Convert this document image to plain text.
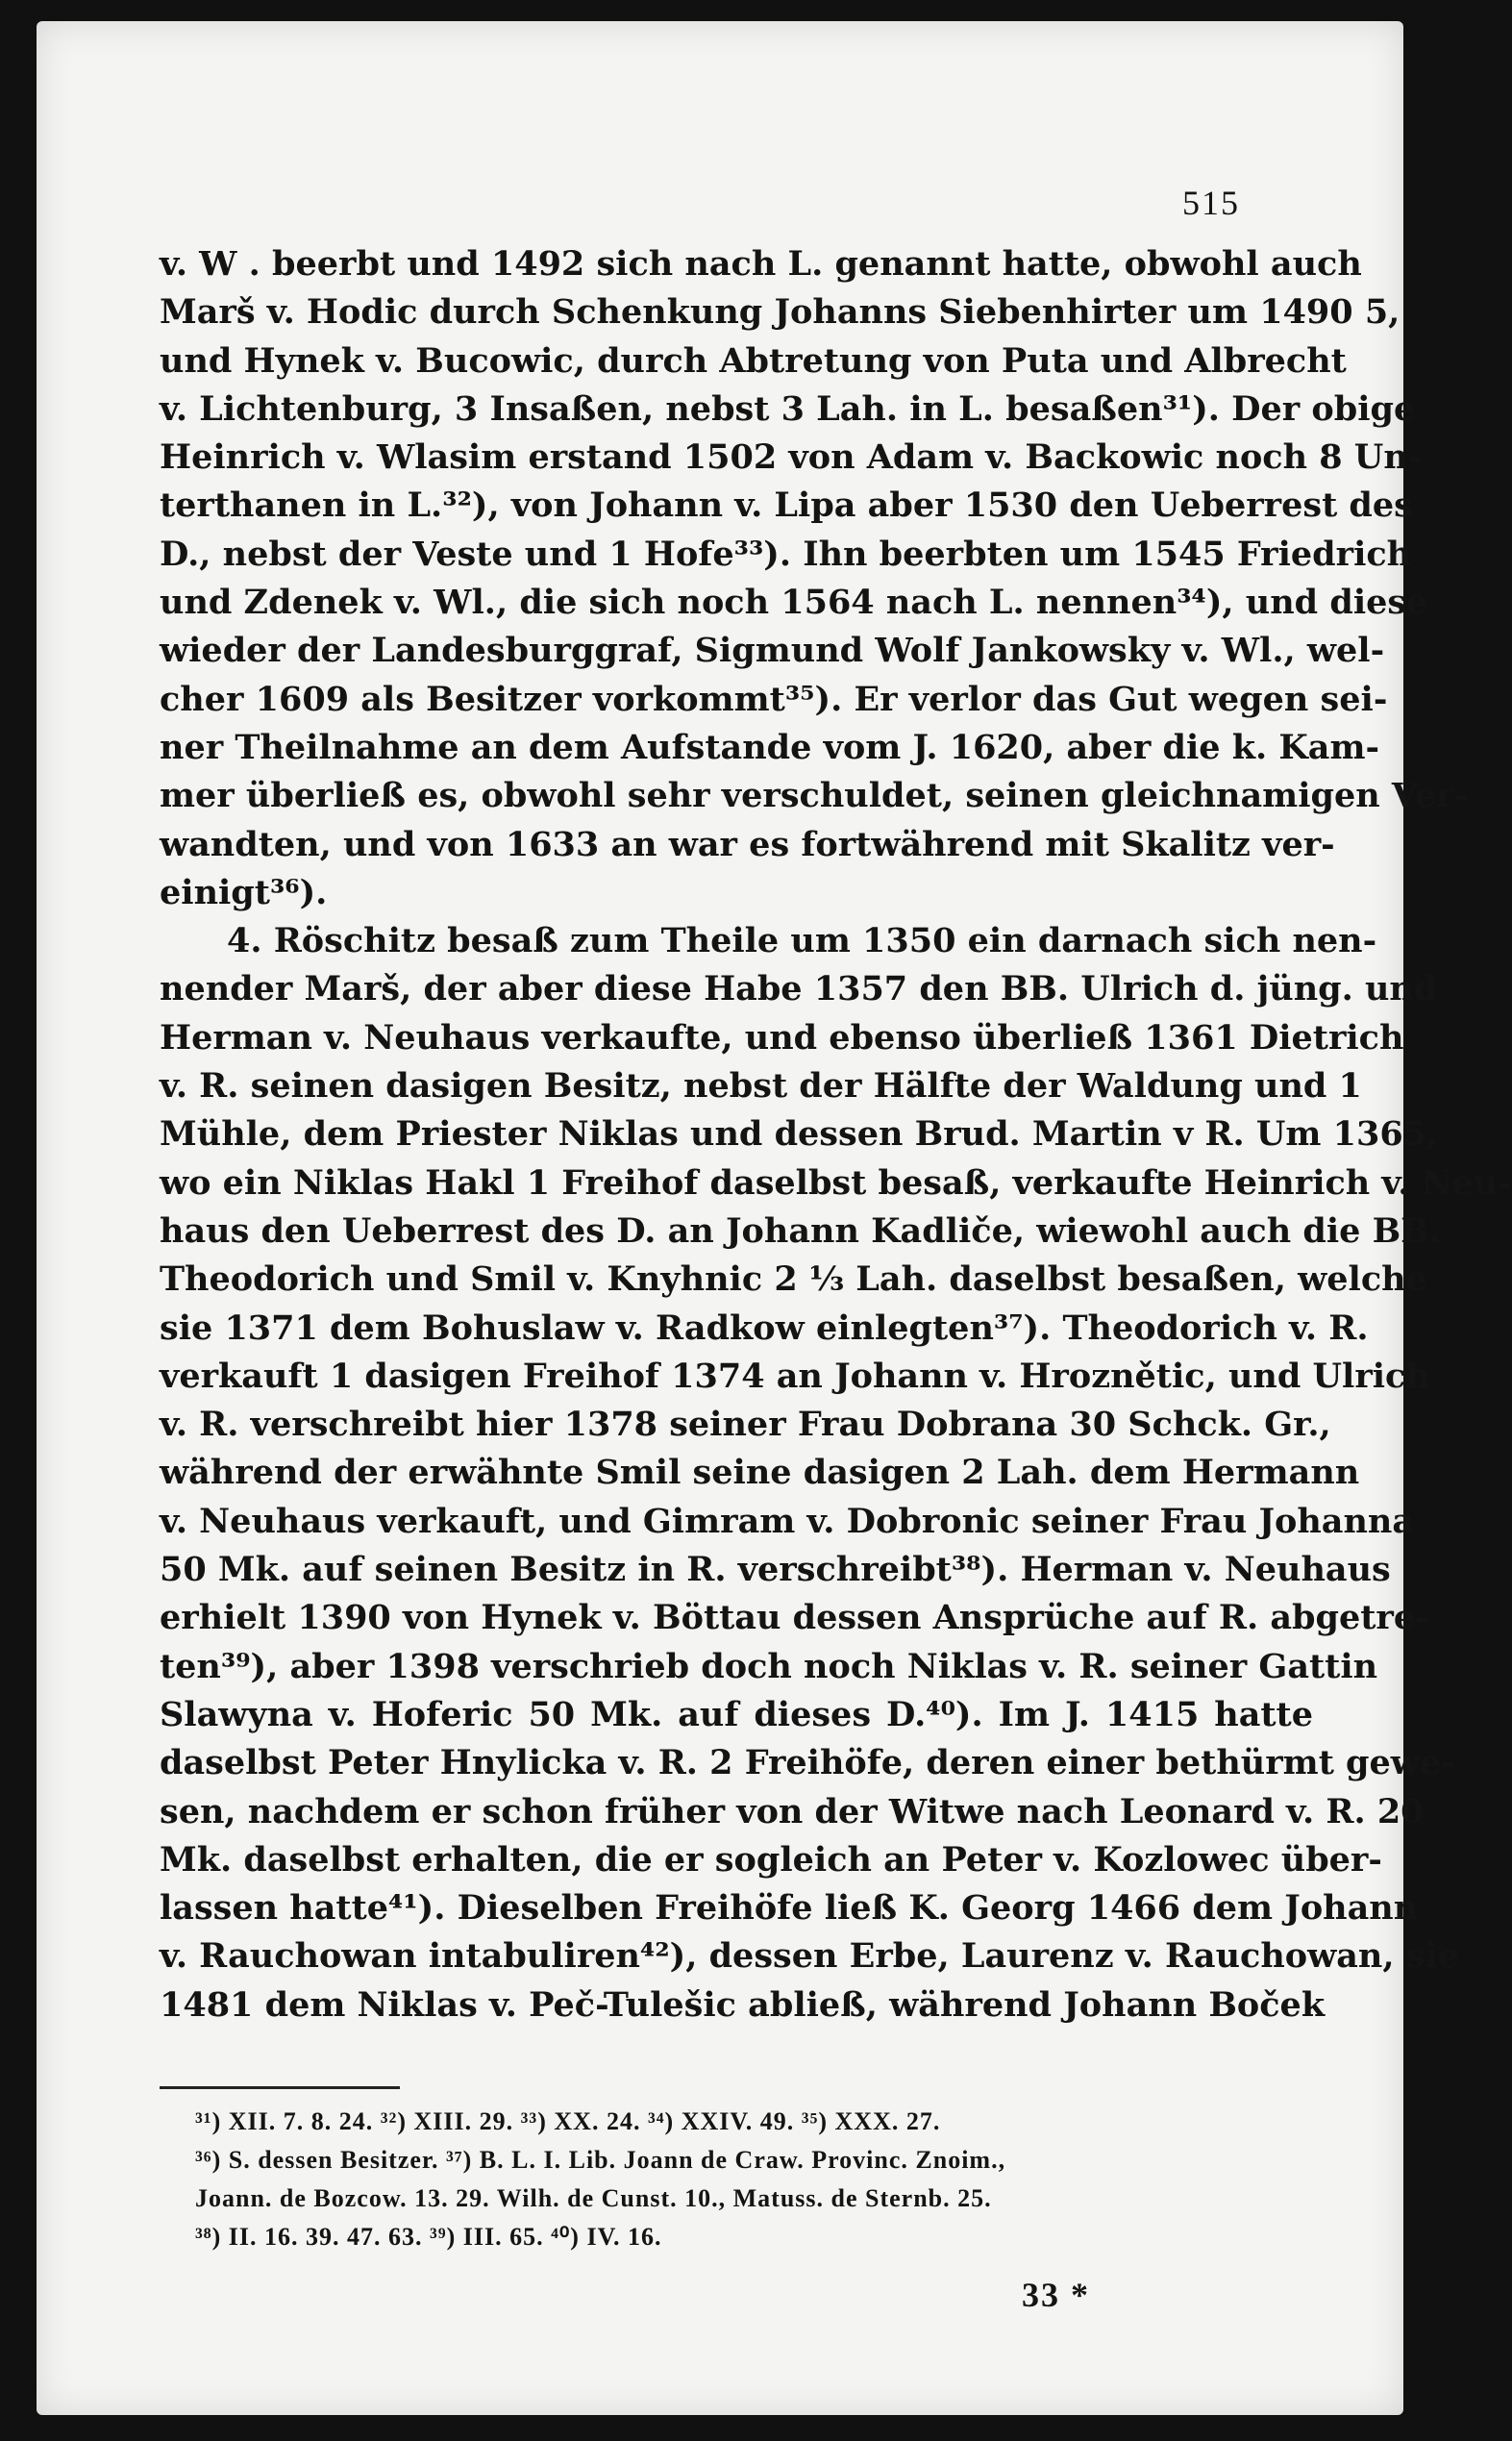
515
v. W . beerbt und 1492 sich nach L. genannt hatte, obwohl auch
Marš v. Hodic durch Schenkung Johanns Siebenhirter um 1490 5,
und Hynek v. Bucowic, durch Abtretung von Puta und Albrecht
v. Lichtenburg, 3 Insaßen, nebst 3 Lah. in L. besaßen³¹). Der obige
Heinrich v. Wlasim erstand 1502 von Adam v. Backowic noch 8 Un-
terthanen in L.³²), von Johann v. Lipa aber 1530 den Ueberrest des
D., nebst der Veste und 1 Hofe³³). Ihn beerbten um 1545 Friedrich
und Zdenek v. Wl., die sich noch 1564 nach L. nennen³⁴), und diese
wieder der Landesburggraf, Sigmund Wolf Jankowsky v. Wl., wel-
cher 1609 als Besitzer vorkommt³⁵). Er verlor das Gut wegen sei-
ner Theilnahme an dem Aufstande vom J. 1620, aber die k. Kam-
mer überließ es, obwohl sehr verschuldet, seinen gleichnamigen Ver-
wandten, und von 1633 an war es fortwährend mit Skalitz ver-
einigt³⁶).
4. Röschitz besaß zum Theile um 1350 ein darnach sich nen-
nender Marš, der aber diese Habe 1357 den BB. Ulrich d. jüng. und
Herman v. Neuhaus verkaufte, und ebenso überließ 1361 Dietrich
v. R. seinen dasigen Besitz, nebst der Hälfte der Waldung und 1
Mühle, dem Priester Niklas und dessen Brud. Martin v R. Um 1365,
wo ein Niklas Hakl 1 Freihof daselbst besaß, verkaufte Heinrich v. Neu-
haus den Ueberrest des D. an Johann Kadliče, wiewohl auch die BB.
Theodorich und Smil v. Knyhnic 2 ⅓ Lah. daselbst besaßen, welche
sie 1371 dem Bohuslaw v. Radkow einlegten³⁷). Theodorich v. R.
verkauft 1 dasigen Freihof 1374 an Johann v. Hroznětic, und Ulrich
v. R. verschreibt hier 1378 seiner Frau Dobrana 30 Schck. Gr.,
während der erwähnte Smil seine dasigen 2 Lah. dem Hermann
v. Neuhaus verkauft, und Gimram v. Dobronic seiner Frau Johanna
50 Mk. auf seinen Besitz in R. verschreibt³⁸). Herman v. Neuhaus
erhielt 1390 von Hynek v. Böttau dessen Ansprüche auf R. abgetre-
ten³⁹), aber 1398 verschrieb doch noch Niklas v. R. seiner Gattin
Slawyna v. Hoferic 50 Mk. auf dieses D.⁴⁰). Im J. 1415 hatte
daselbst Peter Hnylicka v. R. 2 Freihöfe, deren einer bethürmt gewe-
sen, nachdem er schon früher von der Witwe nach Leonard v. R. 20
Mk. daselbst erhalten, die er sogleich an Peter v. Kozlowec über-
lassen hatte⁴¹). Dieselben Freihöfe ließ K. Georg 1466 dem Johann
v. Rauchowan intabuliren⁴²), dessen Erbe, Laurenz v. Rauchowan, sie
1481 dem Niklas v. Peč-Tulešic abließ, während Johann Boček
³¹) XII. 7. 8. 24. ³²) XIII. 29. ³³) XX. 24. ³⁴) XXIV. 49. ³⁵) XXX. 27.
³⁶) S. dessen Besitzer. ³⁷) B. L. I. Lib. Joann de Craw. Provinc. Znoim.,
Joann. de Bozcow. 13. 29. Wilh. de Cunst. 10., Matuss. de Sternb. 25.
³⁸) II. 16. 39. 47. 63. ³⁹) III. 65. ⁴⁰) IV. 16.
33 *
